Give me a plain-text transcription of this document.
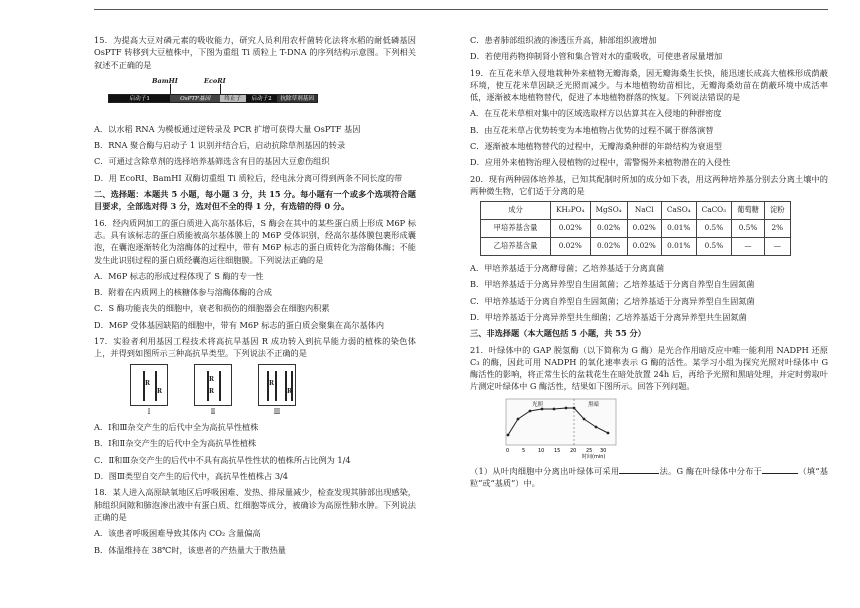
15．为提高大豆对磷元素的吸收能力，研究人员利用农杆菌转化法将水稻的耐低磷基因 OsPTF 转移到大豆植株中，下图为重组 Ti 质粒上 T-DNA 的序列结构示意图。下列相关叙述不正确的是
BamHⅠ	EcoRⅠ
启动子1	OsPTF基因	终止子	启动子2	抗除草剂基因
A．以水稻 RNA 为模板通过逆转录及 PCR 扩增可获得大量 OsPTF 基因
B．RNA 聚合酶与启动子 1 识别并结合后，启动抗除草剂基因的转录
C．可通过含除草剂的选择培养基筛选含有目的基因大豆愈伤组织
D．用 EcoRⅠ、BamHⅠ 双酶切重组 Ti 质粒后，经电泳分离可得到两条不同长度的带
二、选择题：本题共 5 小题，每小题 3 分，共 15 分。每小题有一个或多个选项符合题目要求，全部选对得 3 分，选对但不全的得 1 分，有选错的得 0 分。
16．经内质网加工的蛋白质进入高尔基体后，S 酶会在其中的某些蛋白质上形成 M6P 标志。具有该标志的蛋白质能被高尔基体膜上的 M6P 受体识别，经高尔基体膜包裹形成囊泡，在囊泡逐渐转化为溶酶体的过程中，带有 M6P 标志的蛋白质转化为溶酶体酶；不能发生此识别过程的蛋白质经囊泡运往细胞膜。下列说法正确的是
A．M6P 标志的形成过程体现了 S 酶的专一性
B．附着在内质网上的核糖体参与溶酶体酶的合成
C．S 酶功能丧失的细胞中，衰老和损伤的细胞器会在细胞内积累
D．M6P 受体基因缺陷的细胞中，带有 M6P 标志的蛋白质会聚集在高尔基体内
17．实验者利用基因工程技术将高抗旱基因 R 成功转入到抗旱能力弱的植株的染色体上，并得到如图所示三种高抗旱类型。下列说法不正确的是
R
R
Ⅰ
R
R
Ⅱ
R
R
Ⅲ
A．Ⅰ和Ⅲ杂交产生的后代中全为高抗旱性植株
B．Ⅰ和Ⅱ杂交产生的后代中全为高抗旱性植株
C．Ⅱ和Ⅲ杂交产生的后代中不具有高抗旱性性状的植株所占比例为 1/4
D．图Ⅲ类型自交产生的后代中，高抗旱性植株占 3/4
18．某人进入高原缺氧地区后呼吸困难、发热、排尿量减少，检查发现其肺部出现感染，肺组织间隙和肺泡渗出液中有蛋白质、红细胞等成分，被确诊为高原性肺水肿。下列说法正确的是
A．该患者呼吸困难导致其体内 CO₂ 含量偏高
B．体温维持在 38℃时，该患者的产热量大于散热量
C．患者肺部组织液的渗透压升高，肺部组织液增加
D．若使用药物抑制肾小管和集合管对水的重吸收，可使患者尿量增加
19．在互花米草入侵地栽种外来植物无瓣海桑，因无瓣海桑生长快，能迅速长成高大植株形成荫蔽环境，使互花米草因缺乏光照而减少。与本地植物幼苗相比，无瓣海桑幼苗在荫蔽环境中成活率低，逐渐被本地植物替代，促进了本地植物群落的恢复。下列说法错误的是
A．在互花米草相对集中的区域选取样方以估算其在入侵地的种群密度
B．由互花米草占优势转变为本地植物占优势的过程不属于群落演替
C．逐渐被本地植物替代的过程中，无瓣海桑种群的年龄结构为衰退型
D．应用外来植物治理入侵植物的过程中，需警惕外来植物潜在的入侵性
20．现有两种固体培养基，已知其配制时所加的成分如下表，用这两种培养基分别去分离土壤中的两种微生物，它们适于分离的是
成分	KH₂PO₄	MgSO₄	NaCl	CaSO₄	CaCO₃	葡萄糖	淀粉
甲培养基含量	0.02%	0.02%	0.02%	0.01%	0.5%	0.5%	2%
乙培养基含量	0.02%	0.02%	0.02%	0.01%	0.5%	—	—
A．甲培养基适于分离酵母菌；乙培养基适于分离真菌
B．甲培养基适于分离异养型自生固氮菌；乙培养基适于分离自养型自生固氮菌
C．甲培养基适于分离自养型自生固氮菌；乙培养基适于分离异养型自生固氮菌
D．甲培养基适于分离异养型共生细菌；乙培养基适于分离异养型共生固氮菌
三、非选择题（本大题包括 5 小题，共 55 分）
21．叶绿体中的 GAP 脱氢酶（以下简称为 G 酶）是光合作用暗反应中唯一能利用 NADPH 还原 C₃ 的酶，因此可用 NADPH 的氧化速率表示 G 酶的活性。某学习小组为探究光照对叶绿体中 G 酶活性的影响，将正常生长的盆栽花生在暗处放置 24h 后，再给予光照和黑暗处理，并定时剪取叶片测定叶绿体中 G 酶活性，结果如下图所示。回答下列问题。
光照	黑暗
0	5	10 15 20 25 30
时间(min)
（1）从叶肉细胞中分离出叶绿体可采用	法。G 酶在叶绿体中分布于	（填“基粒”或“基质”）中。
